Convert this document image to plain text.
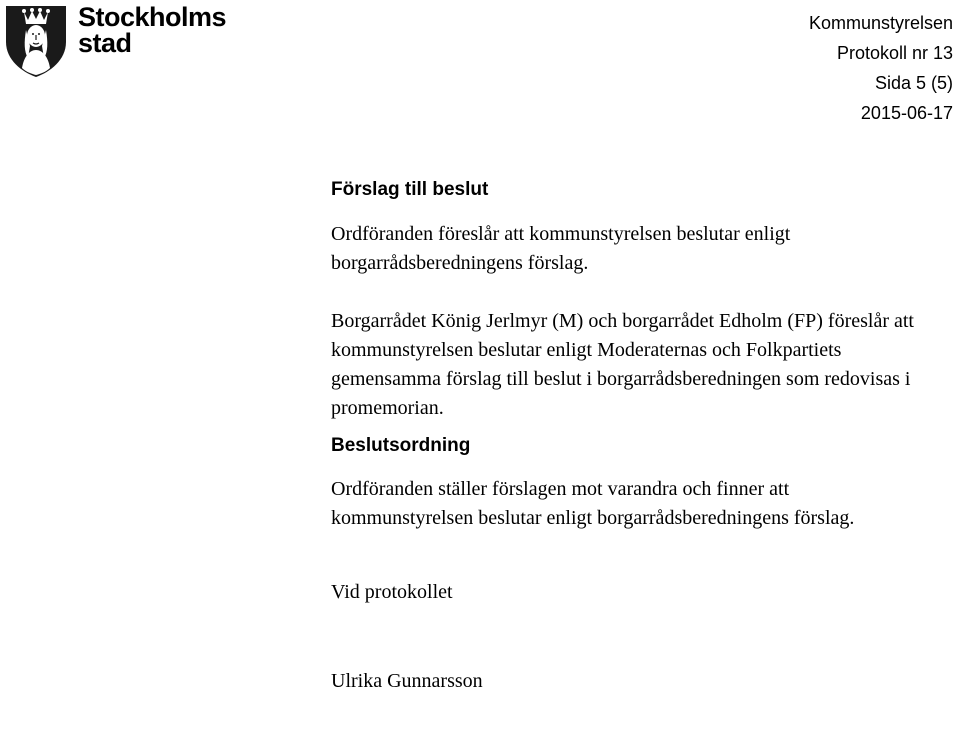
Stockholms
stad
Kommunstyrelsen
Protokoll nr 13
Sida 5 (5)
2015-06-17
Förslag till beslut

Ordföranden föreslår att kommunstyrelsen beslutar enligt borgarrådsberedningens förslag.

Borgarrådet König Jerlmyr (M) och borgarrådet Edholm (FP) föreslår att kommunstyrelsen beslutar enligt Moderaternas och Folkpartiets gemensamma förslag till beslut i borgarrådsberedningen som redovisas i promemorian.

Beslutsordning

Ordföranden ställer förslagen mot varandra och finner att
kommunstyrelsen beslutar enligt borgarrådsberedningens förslag.

Vid protokollet

Ulrika Gunnarsson
